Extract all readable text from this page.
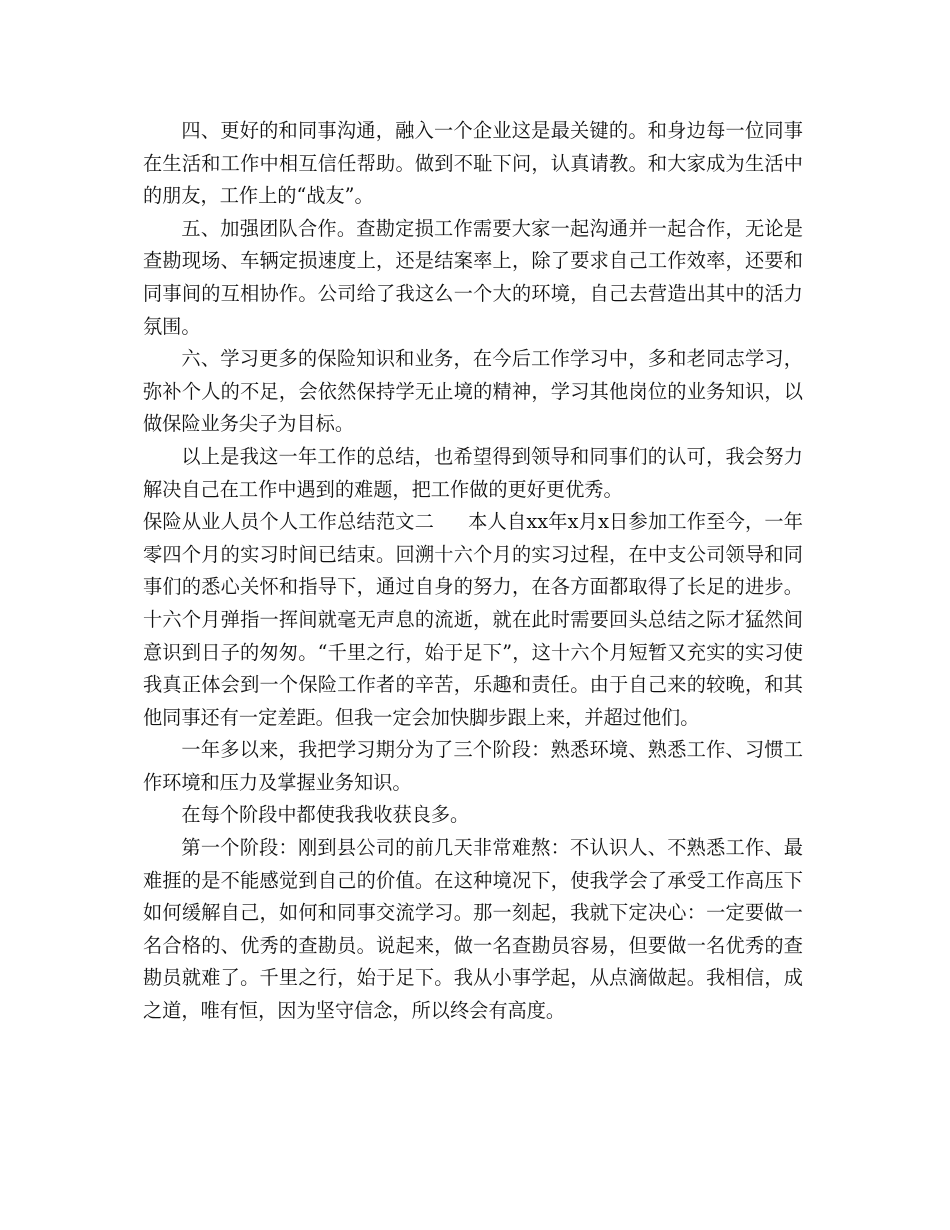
四、更好的和同事沟通，融入一个企业这是最关键的。和身边每一位同事在生活和工作中相互信任帮助。做到不耻下问，认真请教。和大家成为生活中的朋友，工作上的“战友”。

五、加强团队合作。查勘定损工作需要大家一起沟通并一起合作，无论是查勘现场、车辆定损速度上，还是结案率上，除了要求自己工作效率，还要和同事间的互相协作。公司给了我这么一个大的环境，自己去营造出其中的活力氛围。

六、学习更多的保险知识和业务，在今后工作学习中，多和老同志学习，弥补个人的不足，会依然保持学无止境的精神，学习其他岗位的业务知识，以做保险业务尖子为目标。

以上是我这一年工作的总结，也希望得到领导和同事们的认可，我会努力解决自己在工作中遇到的难题，把工作做的更好更优秀。

保险从业人员个人工作总结范文二 本人自xx年x月x日参加工作至今，一年零四个月的实习时间已结束。回溯十六个月的实习过程，在中支公司领导和同事们的悉心关怀和指导下，通过自身的努力，在各方面都取得了长足的进步。十六个月弹指一挥间就毫无声息的流逝，就在此时需要回头总结之际才猛然间意识到日子的匆匆。“千里之行，始于足下”，这十六个月短暂又充实的实习使我真正体会到一个保险工作者的辛苦，乐趣和责任。由于自己来的较晚，和其他同事还有一定差距。但我一定会加快脚步跟上来，并超过他们。

一年多以来，我把学习期分为了三个阶段：熟悉环境、熟悉工作、习惯工作环境和压力及掌握业务知识。

在每个阶段中都使我我收获良多。

第一个阶段：刚到县公司的前几天非常难熬：不认识人、不熟悉工作、最难捱的是不能感觉到自己的价值。在这种境况下，使我学会了承受工作高压下如何缓解自己，如何和同事交流学习。那一刻起，我就下定决心：一定要做一名合格的、优秀的查勘员。说起来，做一名查勘员容易，但要做一名优秀的查勘员就难了。千里之行，始于足下。我从小事学起，从点滴做起。我相信，成之道，唯有恒，因为坚守信念，所以终会有高度。
